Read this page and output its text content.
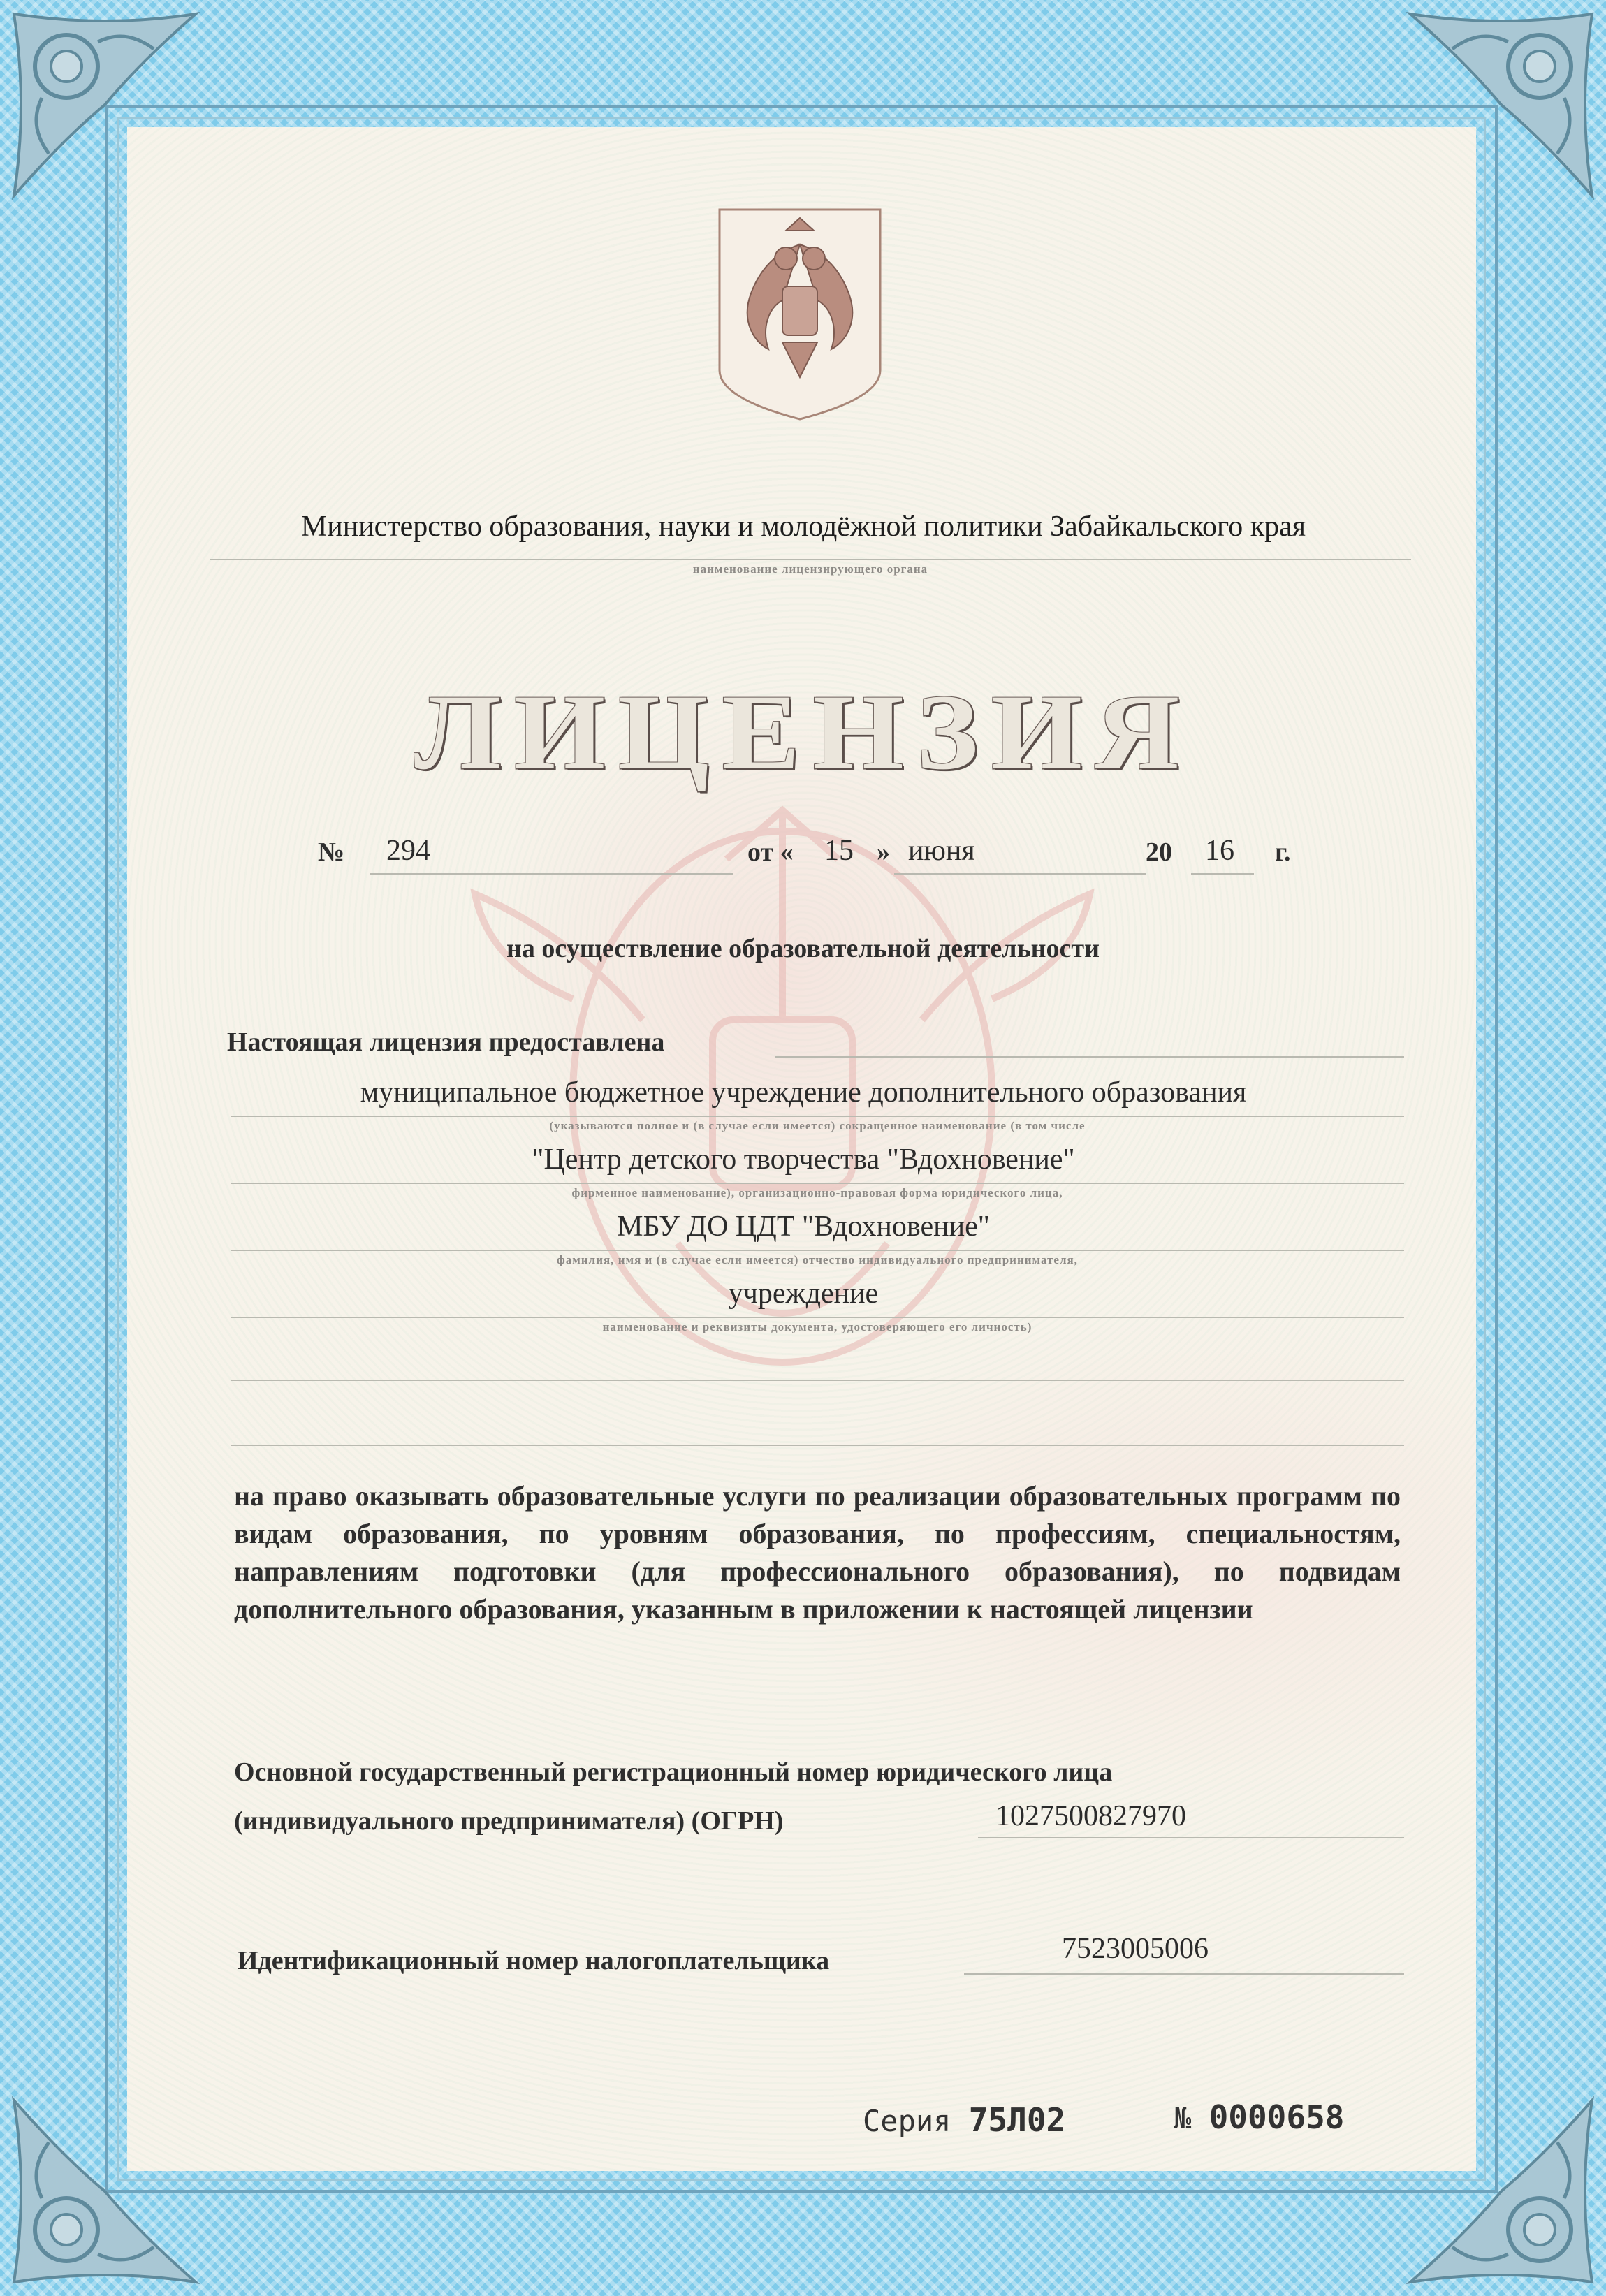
Министерство образования, науки и молодёжной политики Забайкальского края
наименование лицензирующего органа
ЛИЦЕНЗИЯ
№ 294	от « 15 » июня	20 16 г.
на осуществление образовательной деятельности
Настоящая лицензия предоставлена
муниципальное бюджетное учреждение дополнительного образования
(указываются полное и (в случае если имеется) сокращенное наименование (в том числе
"Центр детского творчества "Вдохновение"
фирменное наименование), организационно-правовая форма юридического лица,
МБУ ДО ЦДТ "Вдохновение"
фамилия, имя и (в случае если имеется) отчество индивидуального предпринимателя,
учреждение
наименование и реквизиты документа, удостоверяющего его личность)
на право оказывать образовательные услуги по реализации образовательных программ по видам образования, по уровням образования, по профессиям, специальностям, направлениям подготовки (для профессионального образования), по подвидам дополнительного образования, указанным в приложении к настоящей лицензии
Основной государственный регистрационный номер юридического лица
(индивидуального предпринимателя) (ОГРН)	1027500827970
Идентификационный номер налогоплательщика	7523005006
Серия 75Л02	№ 0000658
